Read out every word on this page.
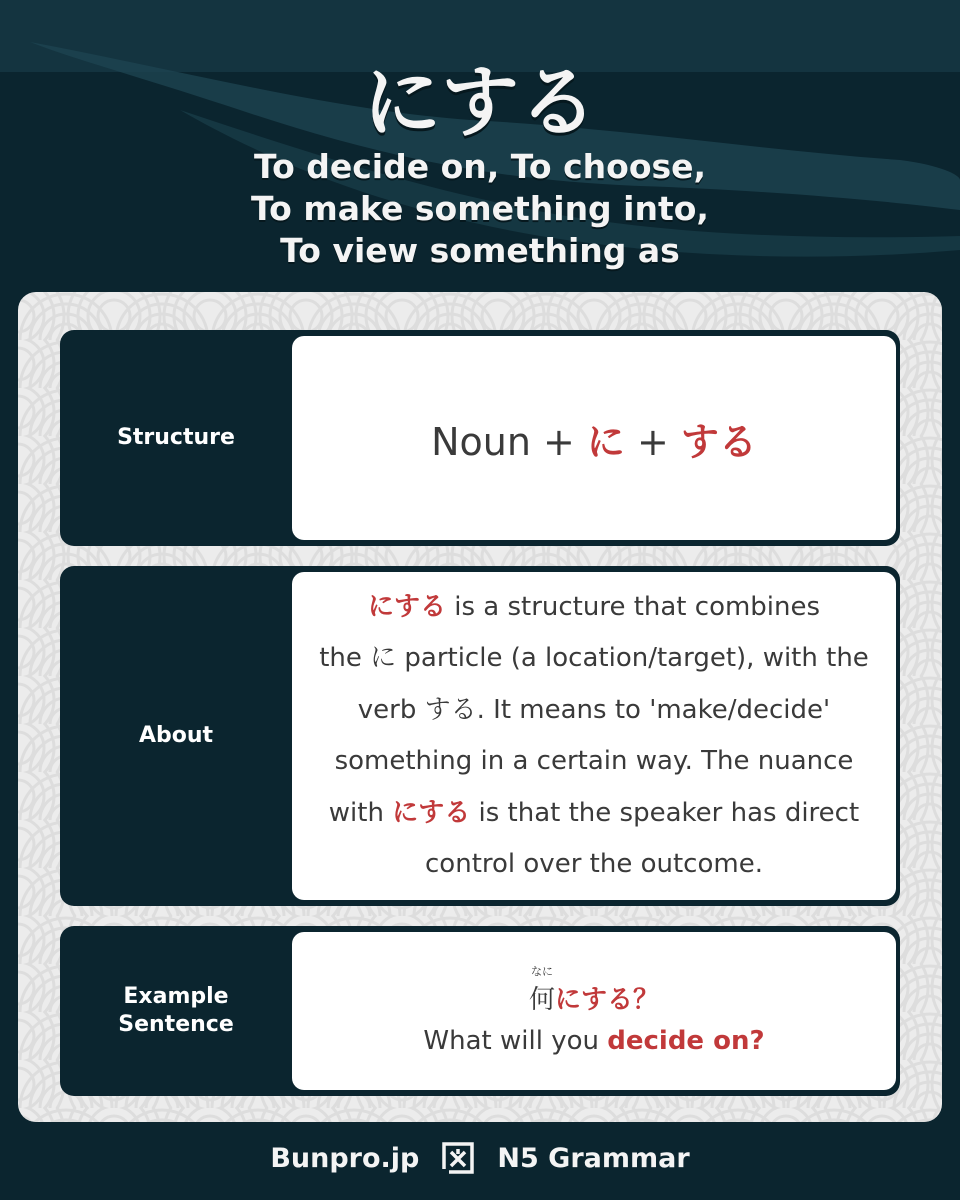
にする
To decide on, To choose,
To make something into,
To view something as
Structure	Noun + に + する
About
にする is a structure that combines
the に particle (a location/target), with the
verb する. It means to 'make/decide'
something in a certain way. The nuance
with にする is that the speaker has direct
control over the outcome.
Example
Sentence
なに
何にする？
What will you decide on?
Bunpro.jp	N5 Grammar
